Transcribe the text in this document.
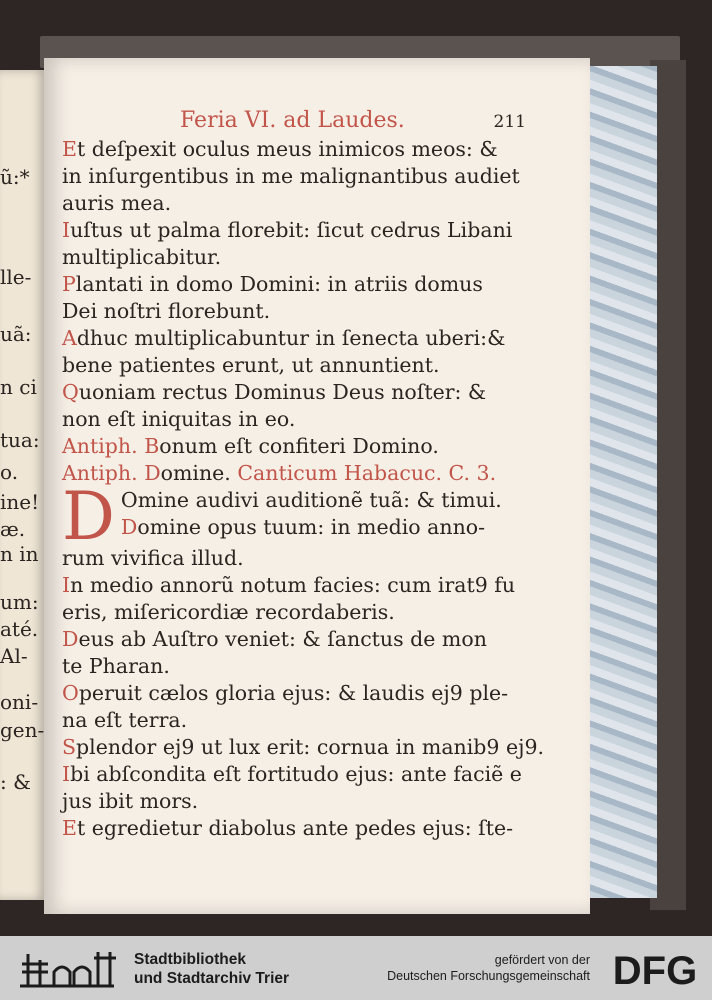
ũ:*
lle-
uã:
n ci
tua:
o.
ine!
æ.
n in
um:
até.
Al-
oni-
gen-
: &
Feria VI. ad Laudes.	211
Et deſpexit oculus meus inimicos meos: &
in inſurgentibus in me malignantibus audiet
auris mea.
Iuſtus ut palma florebit: ſicut cedrus Libani
multiplicabitur.
Plantati in domo Domini: in atriis domus
Dei noſtri florebunt.
Adhuc multiplicabuntur in ſenecta uberi:&
bene patientes erunt, ut annuntient.
Quoniam rectus Dominus Deus noſter: &
non eſt iniquitas in eo.
Antiph. Bonum eſt confiteri Domino.
Antiph. Domine. Canticum Habacuc. C. 3.
D Omine audivi auditionẽ tuã: & timui.
Domine opus tuum: in medio anno-
rum vivifica illud.
In medio annorũ notum facies: cum irat9 fu
eris, miſericordiæ recordaberis.
Deus ab Auſtro veniet: & ſanctus de mon
te Pharan.
Operuit cælos gloria ejus: & laudis ej9 ple-
na eſt terra.
Splendor ej9 ut lux erit: cornua in manib9 ej9.
Ibi abſcondita eſt fortitudo ejus: ante faciẽ e
jus ibit mors.
Et egredietur diabolus ante pedes ejus: ſte-
Stadtbibliothek
und Stadtarchiv Trier
gefördert von der
Deutschen Forschungsgemeinschaft DFG
